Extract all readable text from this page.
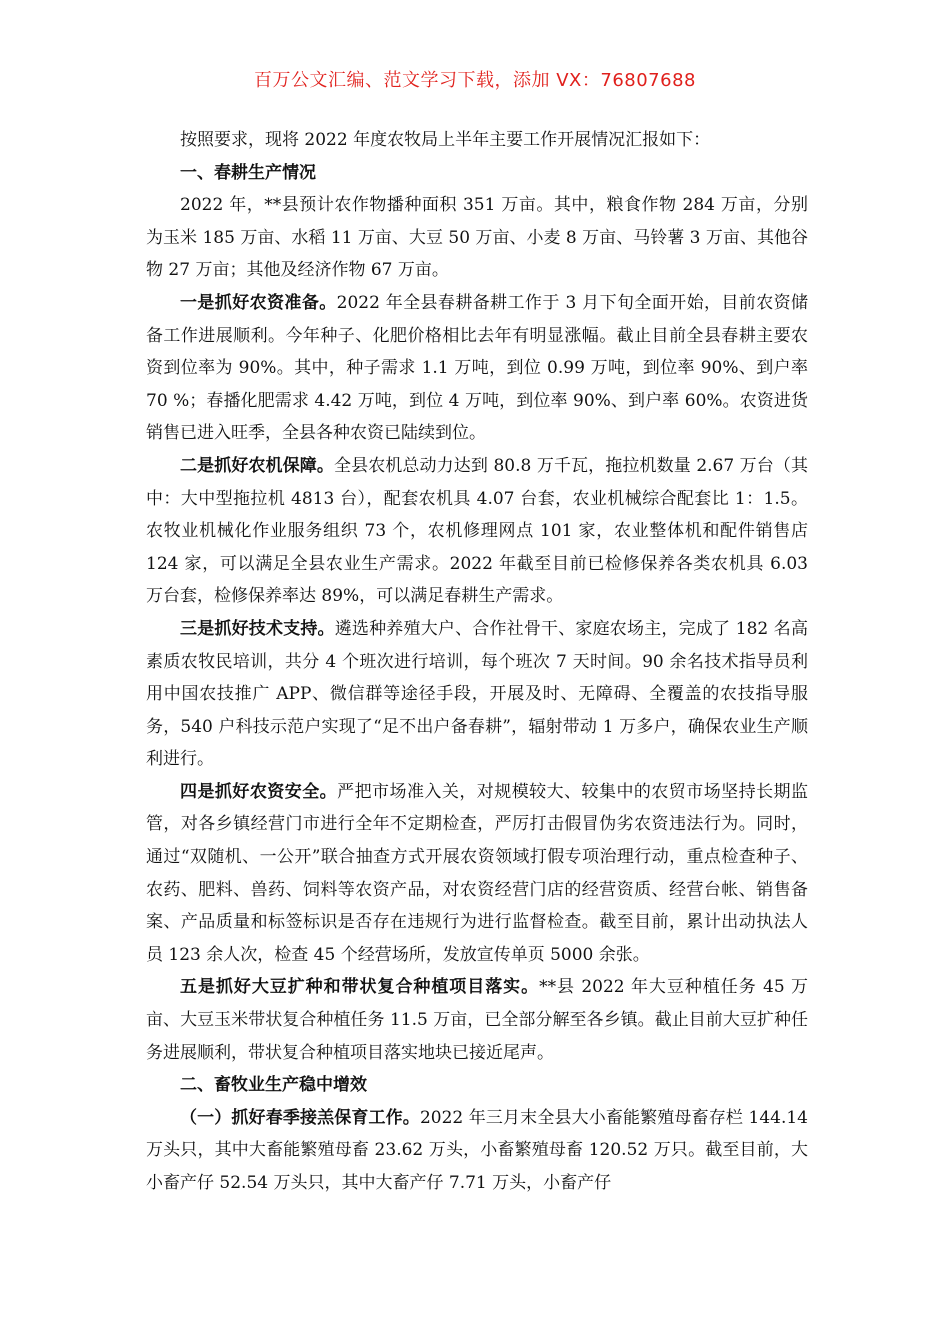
百万公文汇编、范文学习下载，添加 VX：76807688

按照要求，现将 2022 年度农牧局上半年主要工作开展情况汇报如下：

一、春耕生产情况

2022 年，**县预计农作物播种面积 351 万亩。其中，粮食作物 284 万亩，分别为玉米 185 万亩、水稻 11 万亩、大豆 50 万亩、小麦 8 万亩、马铃薯 3 万亩、其他谷物 27 万亩；其他及经济作物 67 万亩。

一是抓好农资准备。2022 年全县春耕备耕工作于 3 月下旬全面开始，目前农资储备工作进展顺利。今年种子、化肥价格相比去年有明显涨幅。截止目前全县春耕主要农资到位率为 90%。其中，种子需求 1.1 万吨，到位 0.99 万吨，到位率 90%、到户率 70 %；春播化肥需求 4.42 万吨，到位 4 万吨，到位率 90%、到户率 60%。农资进货销售已进入旺季，全县各种农资已陆续到位。

二是抓好农机保障。全县农机总动力达到 80.8 万千瓦，拖拉机数量 2.67 万台（其中：大中型拖拉机 4813 台），配套农机具 4.07 台套，农业机械综合配套比 1：1.5。农牧业机械化作业服务组织 73 个，农机修理网点 101 家，农业整体机和配件销售店 124 家，可以满足全县农业生产需求。2022 年截至目前已检修保养各类农机具 6.03 万台套，检修保养率达 89%，可以满足春耕生产需求。

三是抓好技术支持。遴选种养殖大户、合作社骨干、家庭农场主，完成了 182 名高素质农牧民培训，共分 4 个班次进行培训，每个班次 7 天时间。90 余名技术指导员利用中国农技推广 APP、微信群等途径手段，开展及时、无障碍、全覆盖的农技指导服务，540 户科技示范户实现了“足不出户备春耕”，辐射带动 1 万多户，确保农业生产顺利进行。

四是抓好农资安全。严把市场准入关，对规模较大、较集中的农贸市场坚持长期监管，对各乡镇经营门市进行全年不定期检查，严厉打击假冒伪劣农资违法行为。同时，通过“双随机、一公开”联合抽查方式开展农资领域打假专项治理行动，重点检查种子、农药、肥料、兽药、饲料等农资产品，对农资经营门店的经营资质、经营台帐、销售备案、产品质量和标签标识是否存在违规行为进行监督检查。截至目前，累计出动执法人员 123 余人次，检查 45 个经营场所，发放宣传单页 5000 余张。

五是抓好大豆扩种和带状复合种植项目落实。**县 2022 年大豆种植任务 45 万亩、大豆玉米带状复合种植任务 11.5 万亩，已全部分解至各乡镇。截止目前大豆扩种任务进展顺利，带状复合种植项目落实地块已接近尾声。

二、畜牧业生产稳中增效

（一）抓好春季接羔保育工作。2022 年三月末全县大小畜能繁殖母畜存栏 144.14 万头只，其中大畜能繁殖母畜 23.62 万头，小畜繁殖母畜 120.52 万只。截至目前，大小畜产仔 52.54 万头只，其中大畜产仔 7.71 万头，小畜产仔
